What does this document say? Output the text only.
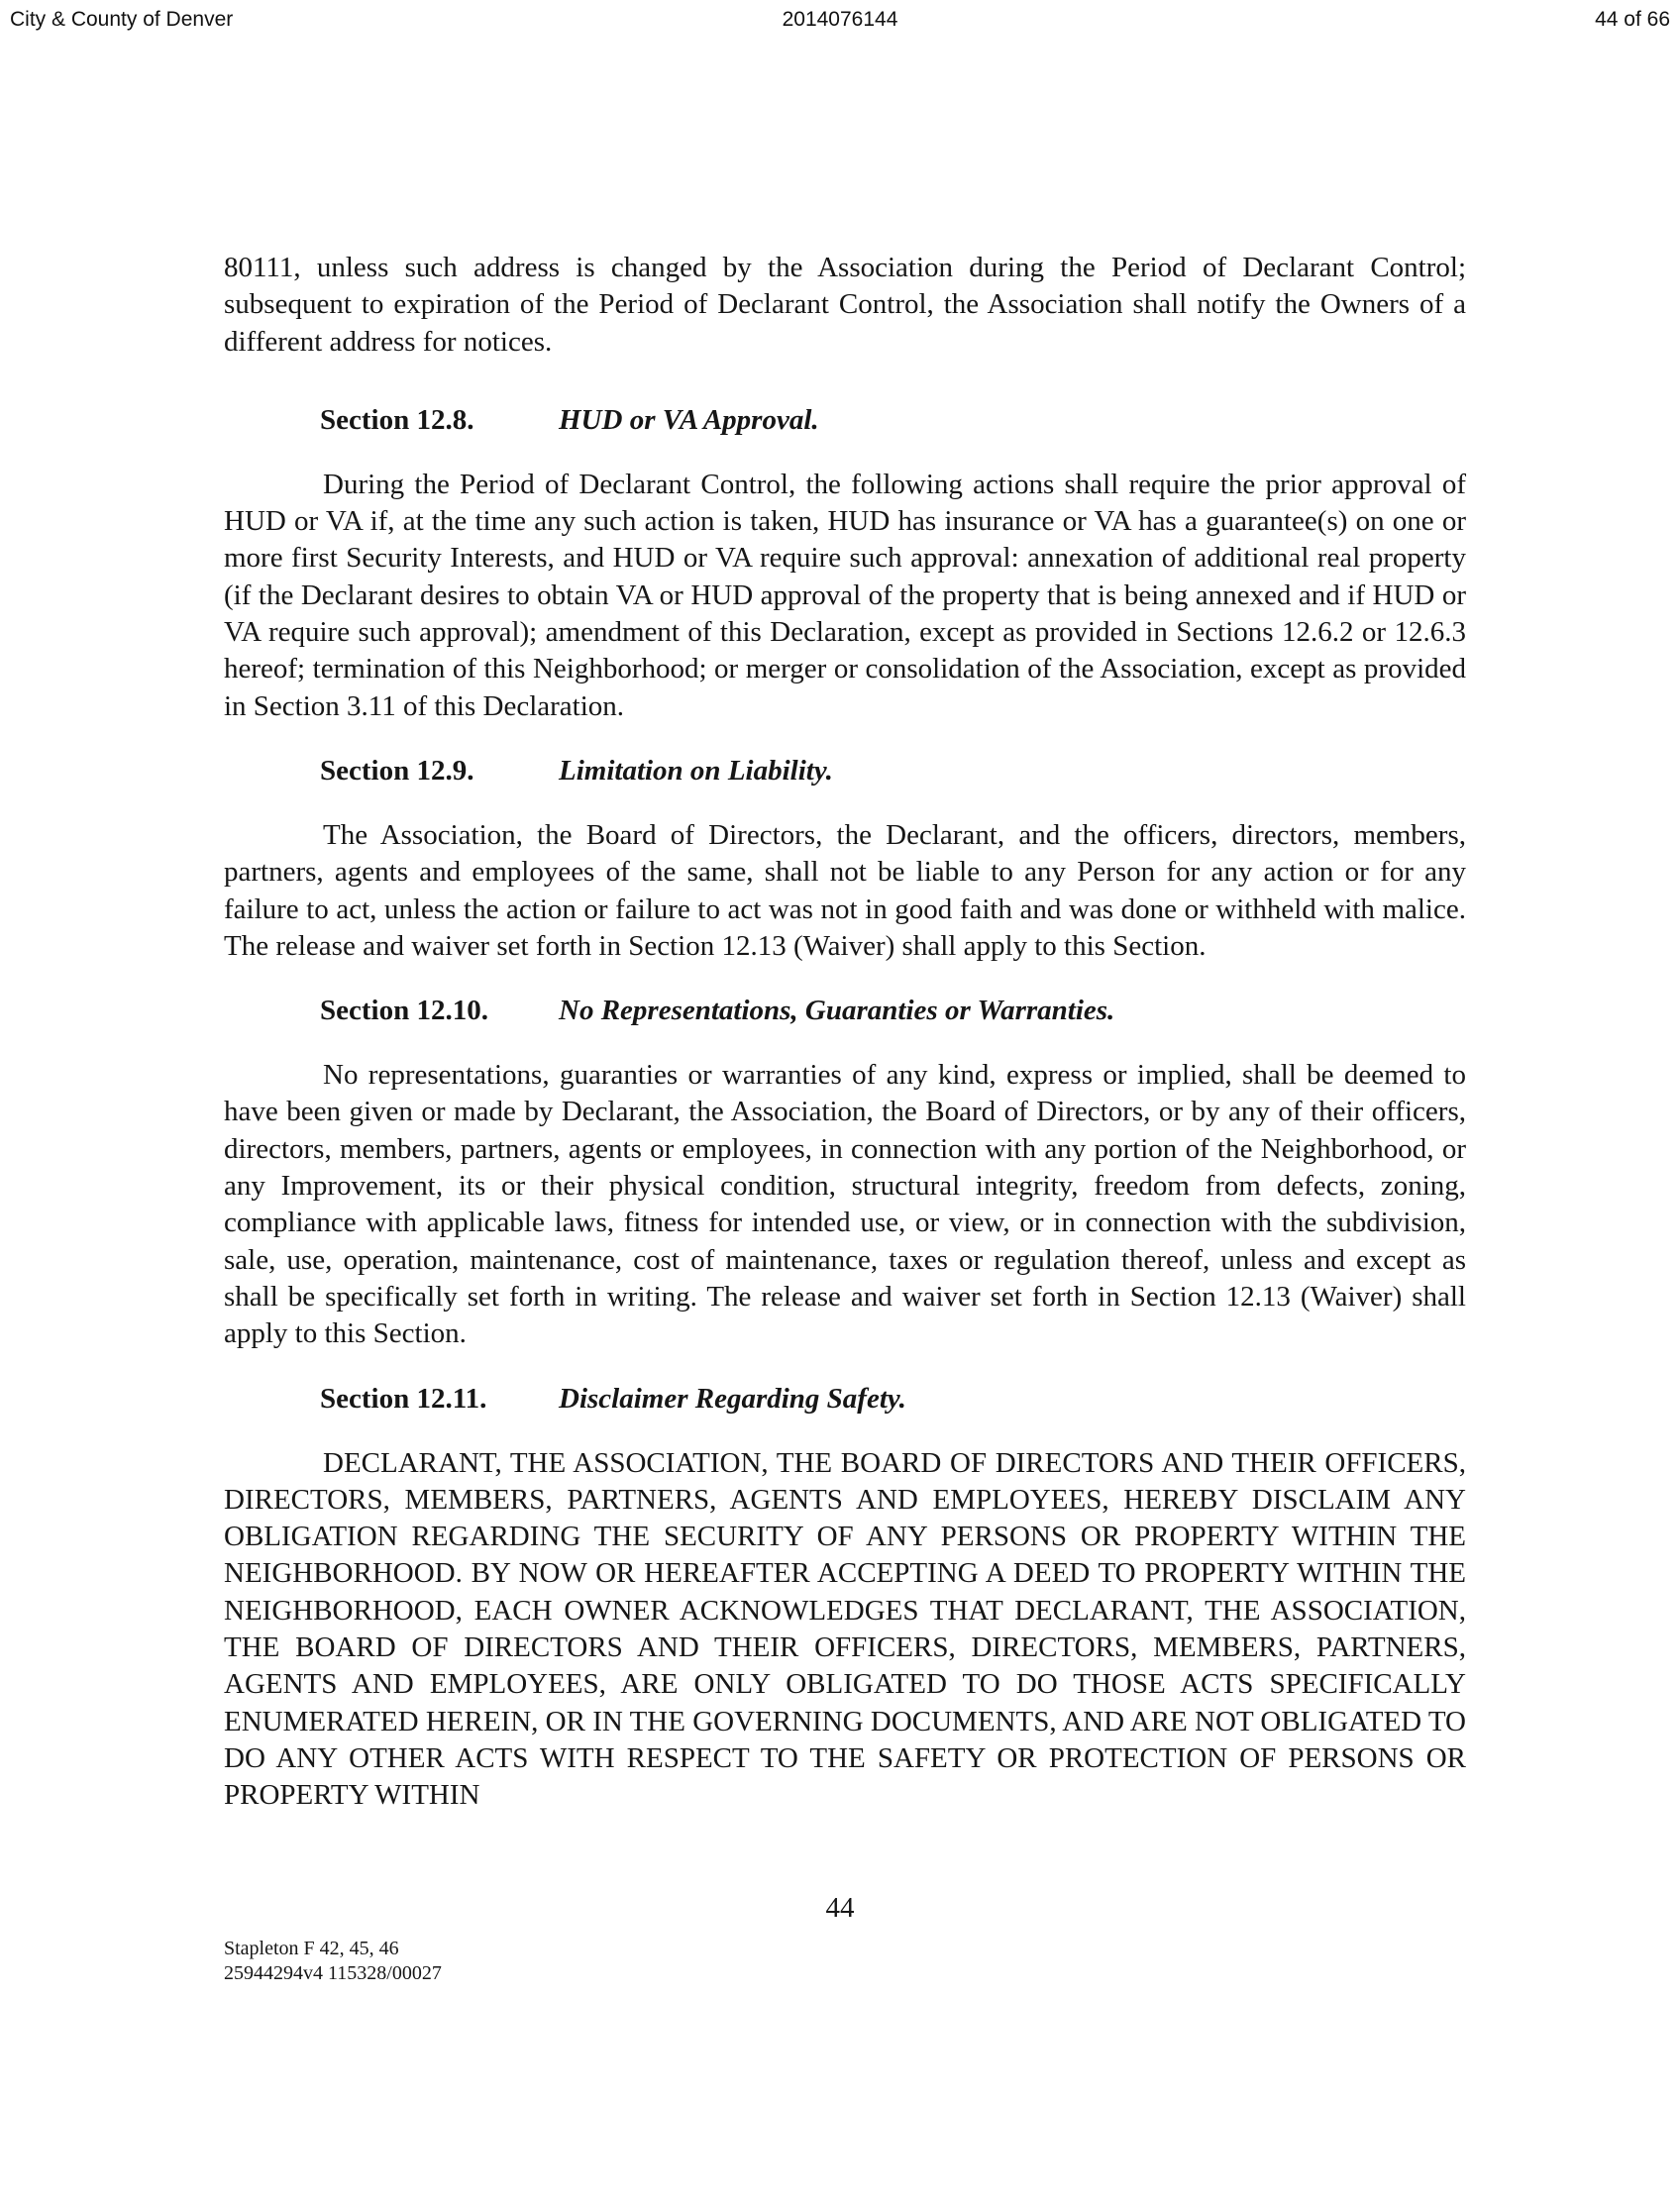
City & County of Denver	2014076144	44 of 66

80111, unless such address is changed by the Association during the Period of Declarant Control; subsequent to expiration of the Period of Declarant Control, the Association shall notify the Owners of a different address for notices.

Section 12.8.	HUD or VA Approval.

During the Period of Declarant Control, the following actions shall require the prior approval of HUD or VA if, at the time any such action is taken, HUD has insurance or VA has a guarantee(s) on one or more first Security Interests, and HUD or VA require such approval: annexation of additional real property (if the Declarant desires to obtain VA or HUD approval of the property that is being annexed and if HUD or VA require such approval); amendment of this Declaration, except as provided in Sections 12.6.2 or 12.6.3 hereof; termination of this Neighborhood; or merger or consolidation of the Association, except as provided in Section 3.11 of this Declaration.

Section 12.9.	Limitation on Liability.

The Association, the Board of Directors, the Declarant, and the officers, directors, members, partners, agents and employees of the same, shall not be liable to any Person for any action or for any failure to act, unless the action or failure to act was not in good faith and was done or withheld with malice. The release and waiver set forth in Section 12.13 (Waiver) shall apply to this Section.

Section 12.10. No Representations, Guaranties or Warranties.

No representations, guaranties or warranties of any kind, express or implied, shall be deemed to have been given or made by Declarant, the Association, the Board of Directors, or by any of their officers, directors, members, partners, agents or employees, in connection with any portion of the Neighborhood, or any Improvement, its or their physical condition, structural integrity, freedom from defects, zoning, compliance with applicable laws, fitness for intended use, or view, or in connection with the subdivision, sale, use, operation, maintenance, cost of maintenance, taxes or regulation thereof, unless and except as shall be specifically set forth in writing. The release and waiver set forth in Section 12.13 (Waiver) shall apply to this Section.

Section 12.11.	Disclaimer Regarding Safety.

DECLARANT, THE ASSOCIATION, THE BOARD OF DIRECTORS AND THEIR OFFICERS, DIRECTORS, MEMBERS, PARTNERS, AGENTS AND EMPLOYEES, HEREBY DISCLAIM ANY OBLIGATION REGARDING THE SECURITY OF ANY PERSONS OR PROPERTY WITHIN THE NEIGHBORHOOD. BY NOW OR HEREAFTER ACCEPTING A DEED TO PROPERTY WITHIN THE NEIGHBORHOOD, EACH OWNER ACKNOWLEDGES THAT DECLARANT, THE ASSOCIATION, THE BOARD OF DIRECTORS AND THEIR OFFICERS, DIRECTORS, MEMBERS, PARTNERS, AGENTS AND EMPLOYEES, ARE ONLY OBLIGATED TO DO THOSE ACTS SPECIFICALLY ENUMERATED HEREIN, OR IN THE GOVERNING DOCUMENTS, AND ARE NOT OBLIGATED TO DO ANY OTHER ACTS WITH RESPECT TO THE SAFETY OR PROTECTION OF PERSONS OR PROPERTY WITHIN

44
Stapleton F 42, 45, 46
25944294v4 115328/00027
